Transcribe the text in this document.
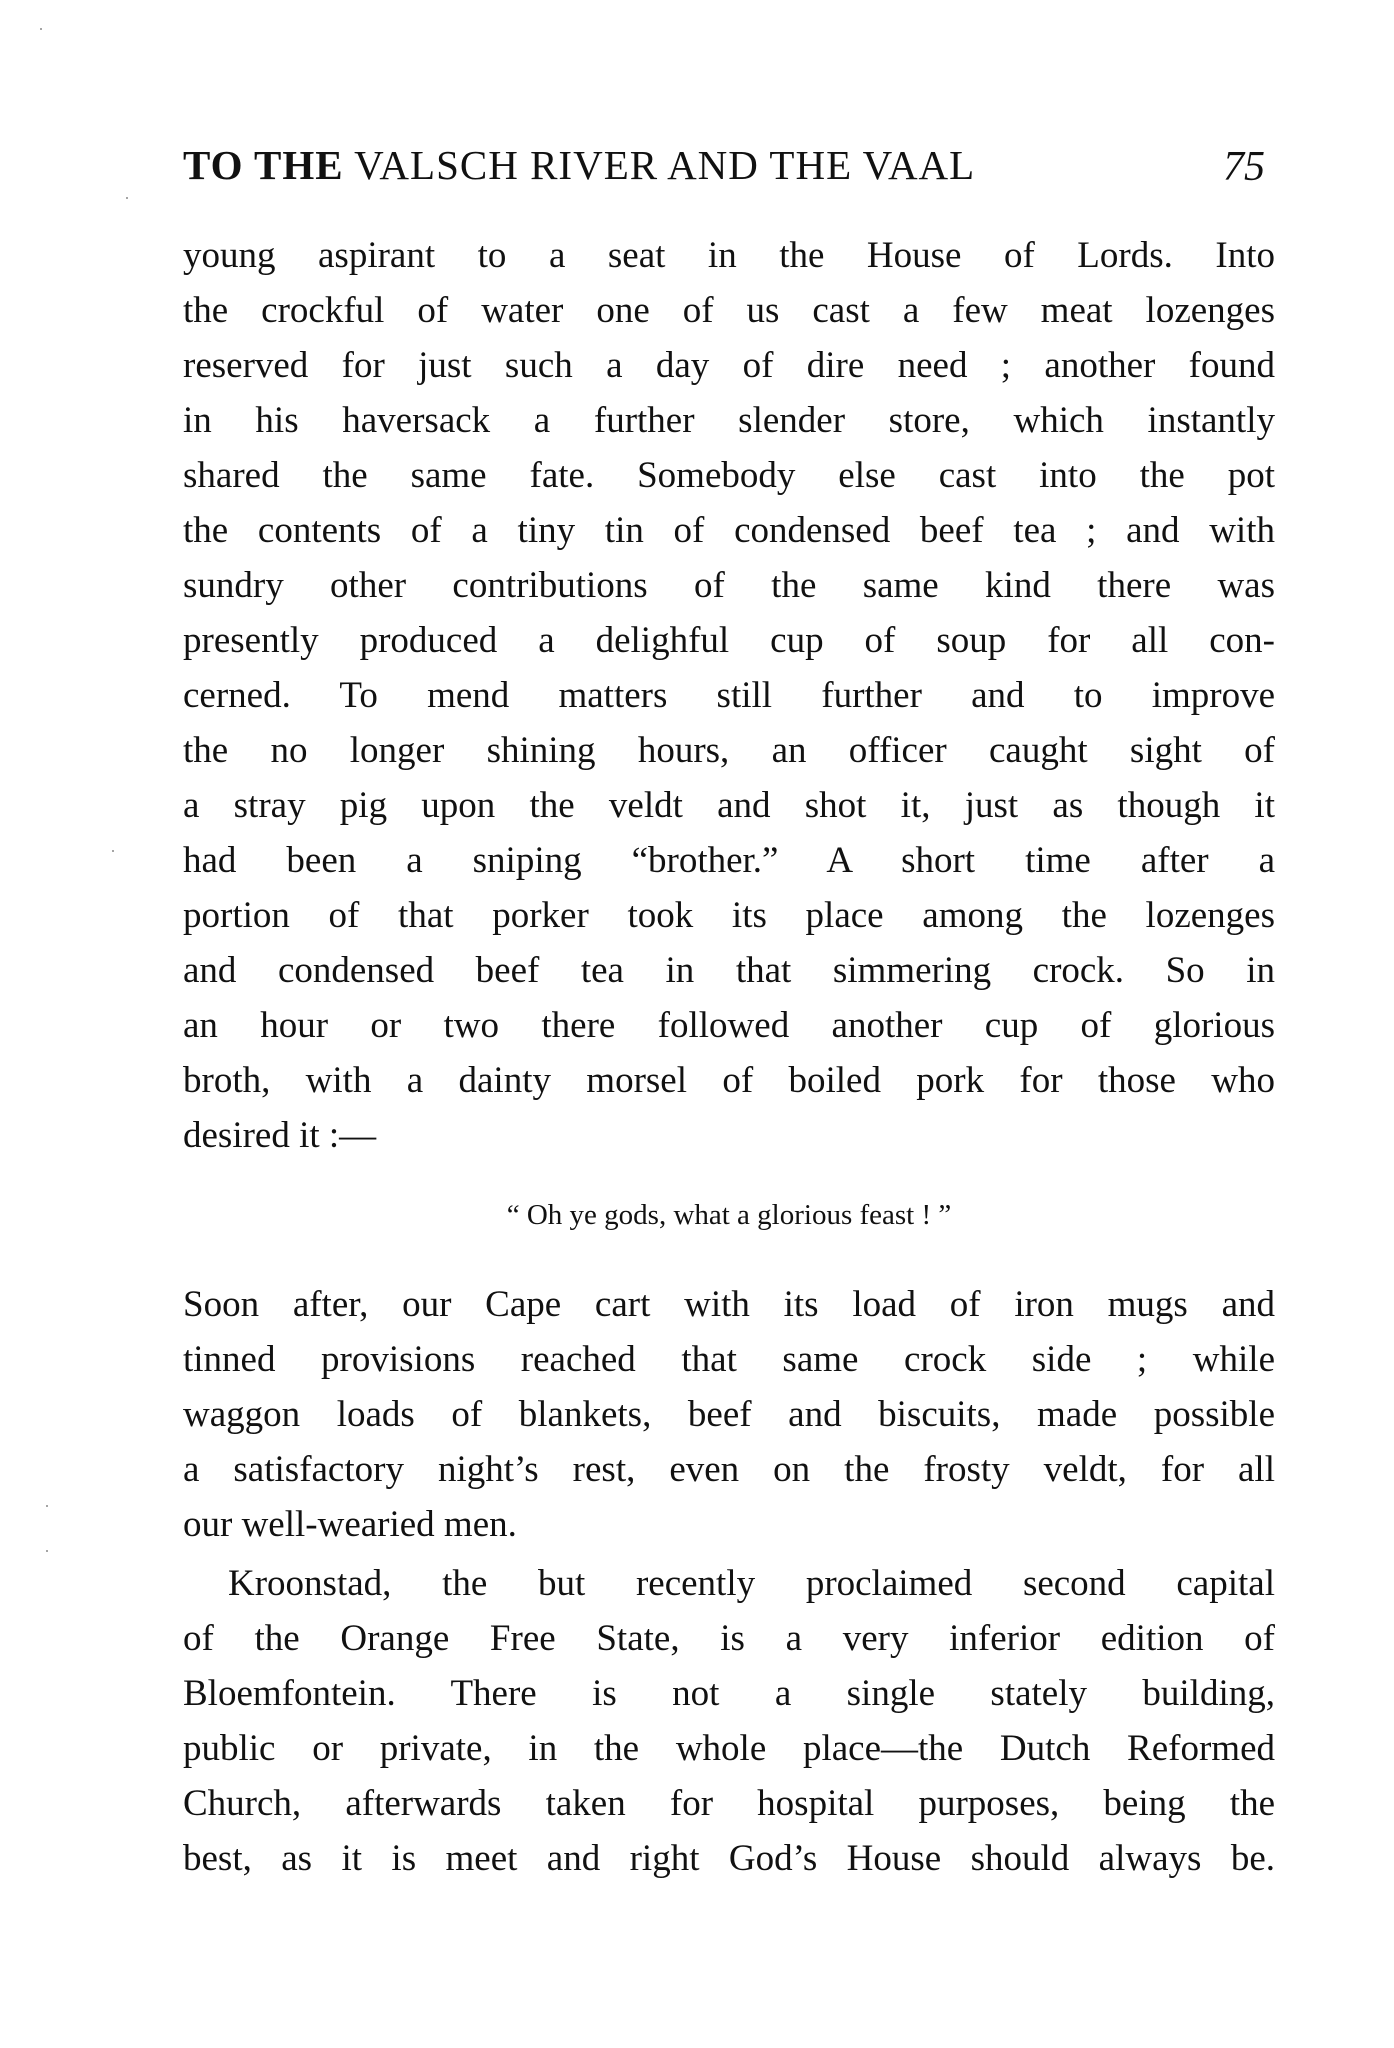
TO THE VALSCH RIVER AND THE VAAL	75
young aspirant to a seat in the House of Lords. Into
the crockful of water one of us cast a few meat lozenges
reserved for just such a day of dire need ; another found
in his haversack a further slender store, which instantly
shared the same fate. Somebody else cast into the pot
the contents of a tiny tin of condensed beef tea ; and with
sundry other contributions of the same kind there was
presently produced a delighful cup of soup for all con-
cerned. To mend matters still further and to improve
the no longer shining hours, an officer caught sight of
a stray pig upon the veldt and shot it, just as though it
had been a sniping “brother.” A short time after a
portion of that porker took its place among the lozenges
and condensed beef tea in that simmering crock. So in
an hour or two there followed another cup of glorious
broth, with a dainty morsel of boiled pork for those who
desired it :—
“ Oh ye gods, what a glorious feast ! ”
Soon after, our Cape cart with its load of iron mugs and
tinned provisions reached that same crock side ; while
waggon loads of blankets, beef and biscuits, made possible
a satisfactory night’s rest, even on the frosty veldt, for all
our well-wearied men.
Kroonstad, the but recently proclaimed second capital
of the Orange Free State, is a very inferior edition of
Bloemfontein. There is not a single stately building,
public or private, in the whole place—the Dutch Reformed
Church, afterwards taken for hospital purposes, being the
best, as it is meet and right God’s House should always be.
